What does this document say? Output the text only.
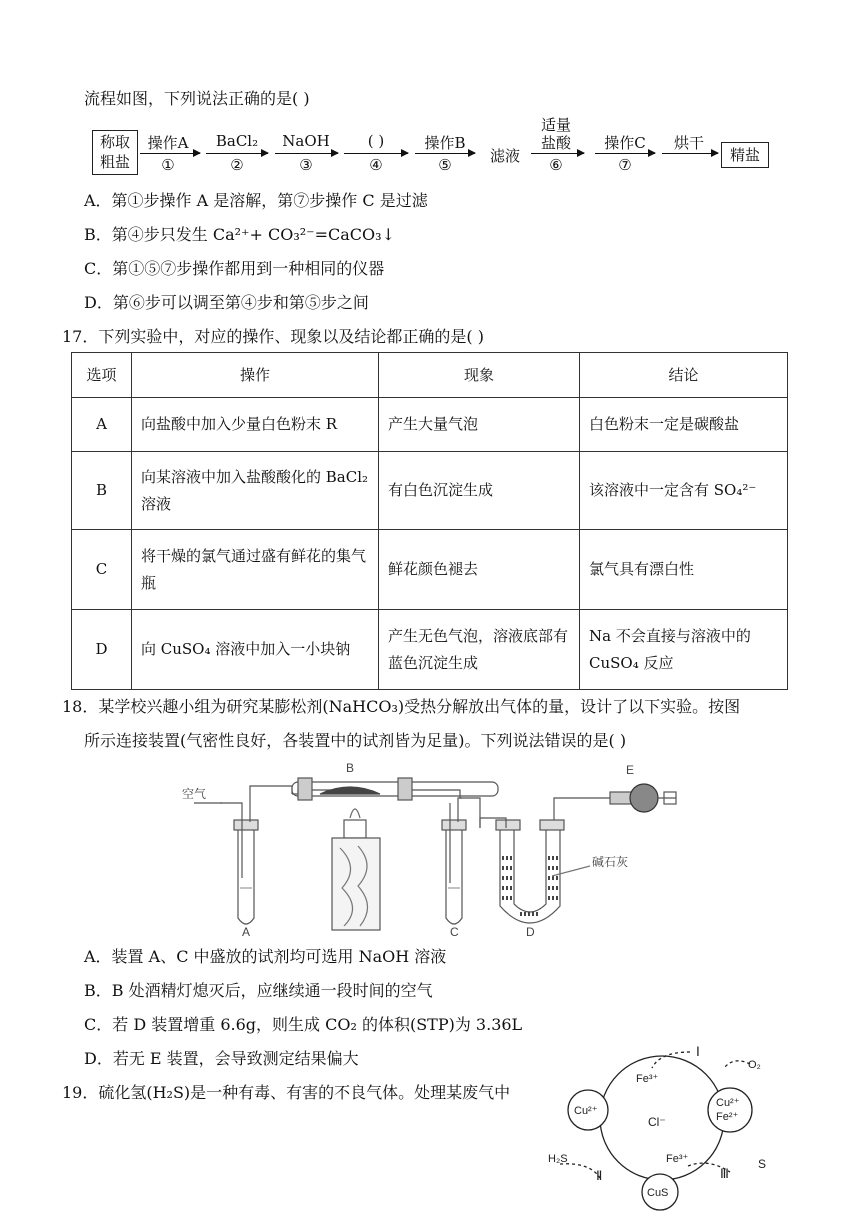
流程如图，下列说法正确的是( )
称取
粗盐
操作A
①
BaCl₂
②
NaOH
③
( )
④
操作B
⑤	滤液
适量
盐酸
⑥
操作C
⑦
烘干
精盐
A．第①步操作 A 是溶解，第⑦步操作 C 是过滤
B．第④步只发生 Ca²⁺+ CO₃²⁻=CaCO₃↓
C．第①⑤⑦步操作都用到一种相同的仪器
D．第⑥步可以调至第④步和第⑤步之间
17．下列实验中，对应的操作、现象以及结论都正确的是( )
选项	操作	现象	结论
A	向盐酸中加入少量白色粉末 R	产生大量气泡	白色粉末一定是碳酸盐
B	向某溶液中加入盐酸酸化的 BaCl₂ 溶液	有白色沉淀生成	该溶液中一定含有 SO₄²⁻
C	将干燥的氯气通过盛有鲜花的集气瓶	鲜花颜色褪去	氯气具有漂白性
D	向 CuSO₄ 溶液中加入一小块钠	产生无色气泡，溶液底部有蓝色沉淀生成	Na 不会直接与溶液中的 CuSO₄ 反应
18．某学校兴趣小组为研究某膨松剂(NaHCO₃)受热分解放出气体的量，设计了以下实验。按图
所示连接装置(气密性良好，各装置中的试剂皆为足量)。下列说法错误的是( )
空气
B
A	C	D
E
碱石灰
A．装置 A、C 中盛放的试剂均可选用 NaOH 溶液
B．B 处酒精灯熄灭后，应继续通一段时间的空气
C．若 D 装置增重 6.6g，则生成 CO₂ 的体积(STP)为 3.36L
D．若无 E 装置，会导致测定结果偏大
19．硫化氢(H₂S)是一种有毒、有害的不良气体。处理某废气中
Ⅰ
O₂
Fe³⁺
Cl⁻
Cu²⁺
Cu²⁺
Fe²⁺
H₂S
Ⅱ
Fe³⁺
Ⅲ
S
CuS
